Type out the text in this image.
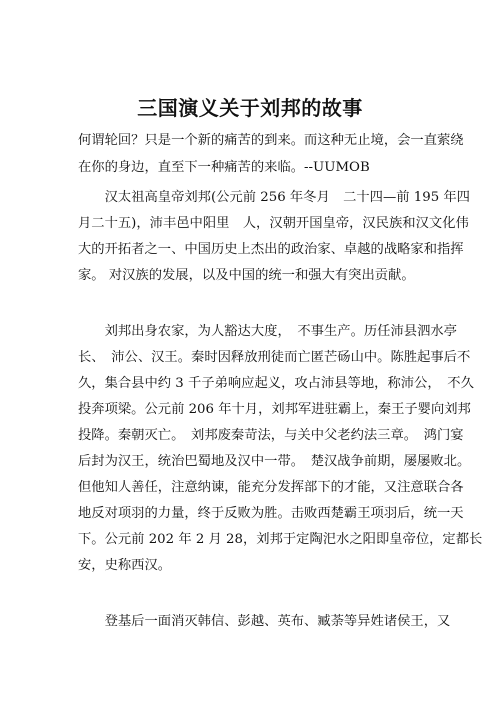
三国演义关于刘邦的故事
何谓轮回？只是一个新的痛苦的到来。而这种无止境，会一直萦绕
在你的身边，直至下一种痛苦的来临。--UUMOB
　　汉太祖高皇帝刘邦(公元前 256 年冬月　二十四—前 195 年四
月二十五)，沛丰邑中阳里　人，汉朝开国皇帝，汉民族和汉文化伟
大的开拓者之一、中国历史上杰出的政治家、卓越的战略家和指挥
家。 对汉族的发展，以及中国的统一和强大有突出贡献。
　　刘邦出身农家，为人豁达大度，　不事生产。历任沛县泗水亭
长、　沛公、汉王。秦时因释放刑徒而亡匿芒砀山中。陈胜起事后不
久，集合县中约 3 千子弟响应起义，攻占沛县等地，称沛公，　不久
投奔项梁。公元前 206 年十月，刘邦军进驻霸上，秦王子婴向刘邦
投降。秦朝灭亡。　刘邦废秦苛法，与关中父老约法三章。　鸿门宴
后封为汉王，统治巴蜀地及汉中一带。　楚汉战争前期，屡屡败北。
但他知人善任，注意纳谏，能充分发挥部下的才能，又注意联合各
地反对项羽的力量，终于反败为胜。击败西楚霸王项羽后，统一天
下。公元前 202 年 2 月 28，刘邦于定陶汜水之阳即皇帝位，定都长
安，史称西汉。
　　登基后一面消灭韩信、彭越、英布、臧荼等异姓诸侯王，又
